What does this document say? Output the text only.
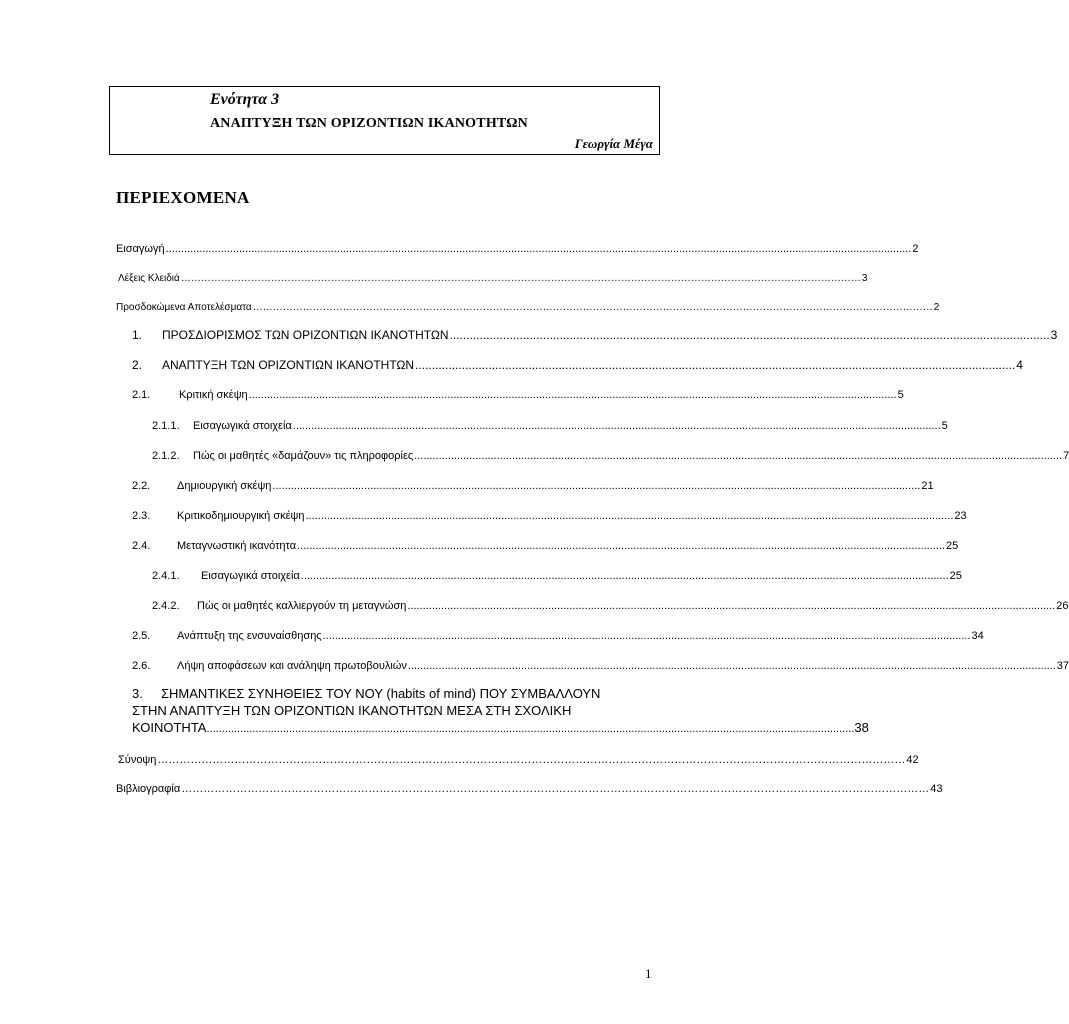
Ενότητα 3
ΑΝΑΠΤΥΞΗ ΤΩΝ ΟΡΙΖΟΝΤΙΩΝ ΙΚΑΝΟΤΗΤΩΝ
Γεωργία Μέγα
ΠΕΡΙΕΧΟΜΕΝΑ
Εισαγωγή .................................................................................................................................................................................................................................................... 2
Λέξεις Κλειδιά …………………………………………………………………………………………………………………………………………………………………………………… 3
Προσδοκώμενα Αποτελέσματα …………………………………………………………………………………………………………………………………………………………………………………… 2
1.	ΠΡΟΣΔΙΟΡΙΣΜΟΣ ΤΩΝ ΟΡΙΖΟΝΤΙΩΝ ΙΚΑΝΟΤΗΤΩΝ .................................................................................................................................................................................... 3
2.	ΑΝΑΠΤΥΞΗ ΤΩΝ ΟΡΙΖΟΝΤΙΩΝ ΙΚΑΝΟΤΗΤΩΝ .................................................................................................................................................................................... 4
2.1.	Κριτική σκέψη .................................................................................................................................................................................................................... 5
2.1.1.	Εισαγωγικά στοιχεία .................................................................................................................................................................................................................... 5
2.1.2.	Πώς οι μαθητές «δαμάζουν» τις πληροφορίες .................................................................................................................................................................................................................... 7
2.2.	Δημιουργική σκέψη .................................................................................................................................................................................................................... 21
2.3.	Κριτικοδημιουργική σκέψη .................................................................................................................................................................................................................... 23
2.4.	Μεταγνωστική ικανότητα .................................................................................................................................................................................................................... 25
2.4.1.	Εισαγωγικά στοιχεία .................................................................................................................................................................................................................... 25
2.4.2.	Πώς οι μαθητές καλλιεργούν τη μεταγνώση .................................................................................................................................................................................................................... 26
2.5.	Ανάπτυξη της ενσυναίσθησης .................................................................................................................................................................................................................... 34
2.6.	Λήψη αποφάσεων και ανάληψη πρωτοβουλιών .................................................................................................................................................................................................................... 37
3. ΣΗΜΑΝΤΙΚΕΣ ΣΥΝΗΘΕΙΕΣ ΤΟΥ ΝΟΥ (habits of mind) ΠΟΥ ΣΥΜΒΑΛΛΟΥΝ
ΣΤΗΝ ΑΝΑΠΤΥΞΗ ΤΩΝ ΟΡΙΖΟΝΤΙΩΝ ΙΚΑΝΟΤΗΤΩΝ ΜΕΣΑ ΣΤΗ ΣΧΟΛΙΚΗ
ΚΟΙΝΟΤΗΤΑ .................................................................................................................................................................................................................... 38
Σύνοψη …………………………………………………………………………………………………………………………………………………………………………………… 42
Βιβλιογραφία …………………………………………………………………………………………………………………………………………………………………………………… 43
1
